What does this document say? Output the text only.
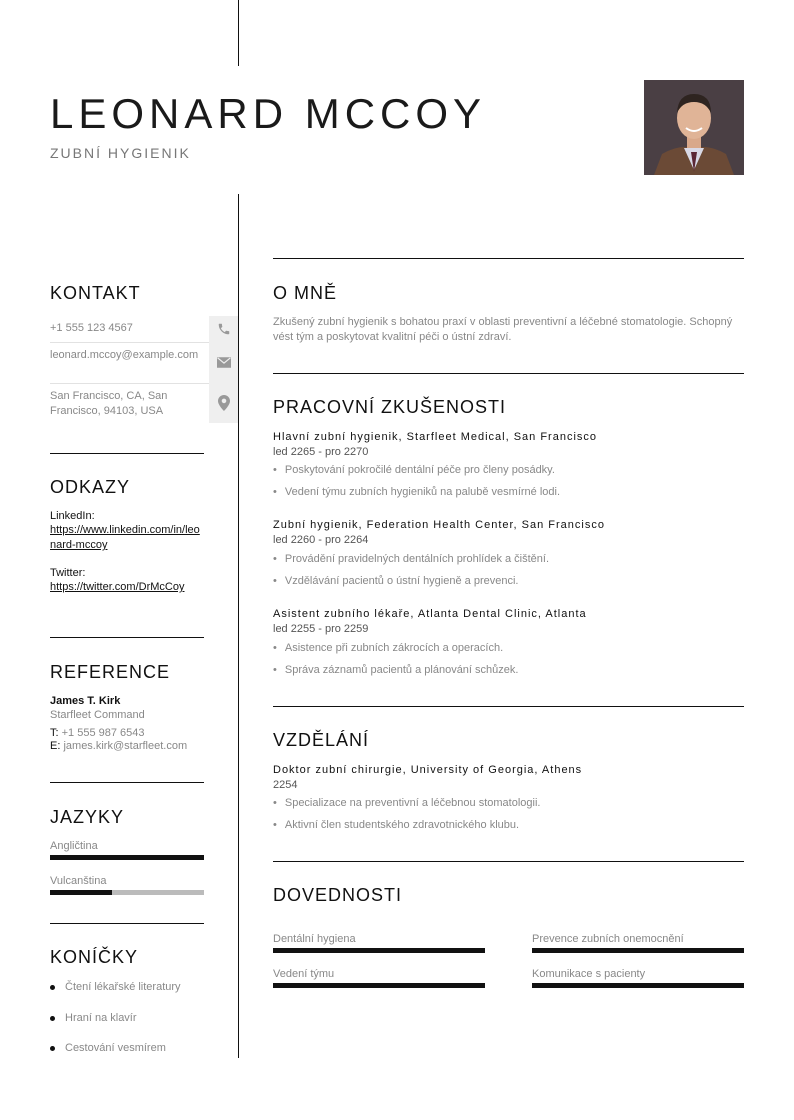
LEONARD MCCOY
ZUBNÍ HYGIENIK
KONTAKT
+1 555 123 4567
leonard.mccoy@example.com
San Francisco, CA, San Francisco, 94103, USA
ODKAZY
LinkedIn:
https://www.linkedin.com/in/leonard-mccoy
Twitter:
https://twitter.com/DrMcCoy
REFERENCE
James T. Kirk
Starfleet Command
T: +1 555 987 6543
E: james.kirk@starfleet.com
JAZYKY
Angličtina
Vulcanština
KONÍČKY
Čtení lékařské literatury
Hraní na klavír
Cestování vesmírem
O MNĚ
Zkušený zubní hygienik s bohatou praxí v oblasti preventivní a léčebné stomatologie. Schopný vést tým a poskytovat kvalitní péči o ústní zdraví.
PRACOVNÍ ZKUŠENOSTI
Hlavní zubní hygienik, Starfleet Medical, San Francisco
led 2265 - pro 2270
• Poskytování pokročilé dentální péče pro členy posádky.
• Vedení týmu zubních hygieniků na palubě vesmírné lodi.
Zubní hygienik, Federation Health Center, San Francisco
led 2260 - pro 2264
• Provádění pravidelných dentálních prohlídek a čištění.
• Vzdělávání pacientů o ústní hygieně a prevenci.
Asistent zubního lékaře, Atlanta Dental Clinic, Atlanta
led 2255 - pro 2259
• Asistence při zubních zákrocích a operacích.
• Správa záznamů pacientů a plánování schůzek.
VZDĚLÁNÍ
Doktor zubní chirurgie, University of Georgia, Athens
2254
• Specializace na preventivní a léčebnou stomatologii.
• Aktivní člen studentského zdravotnického klubu.
DOVEDNOSTI
Dentální hygiena	Prevence zubních onemocnění
Vedení týmu	Komunikace s pacienty
